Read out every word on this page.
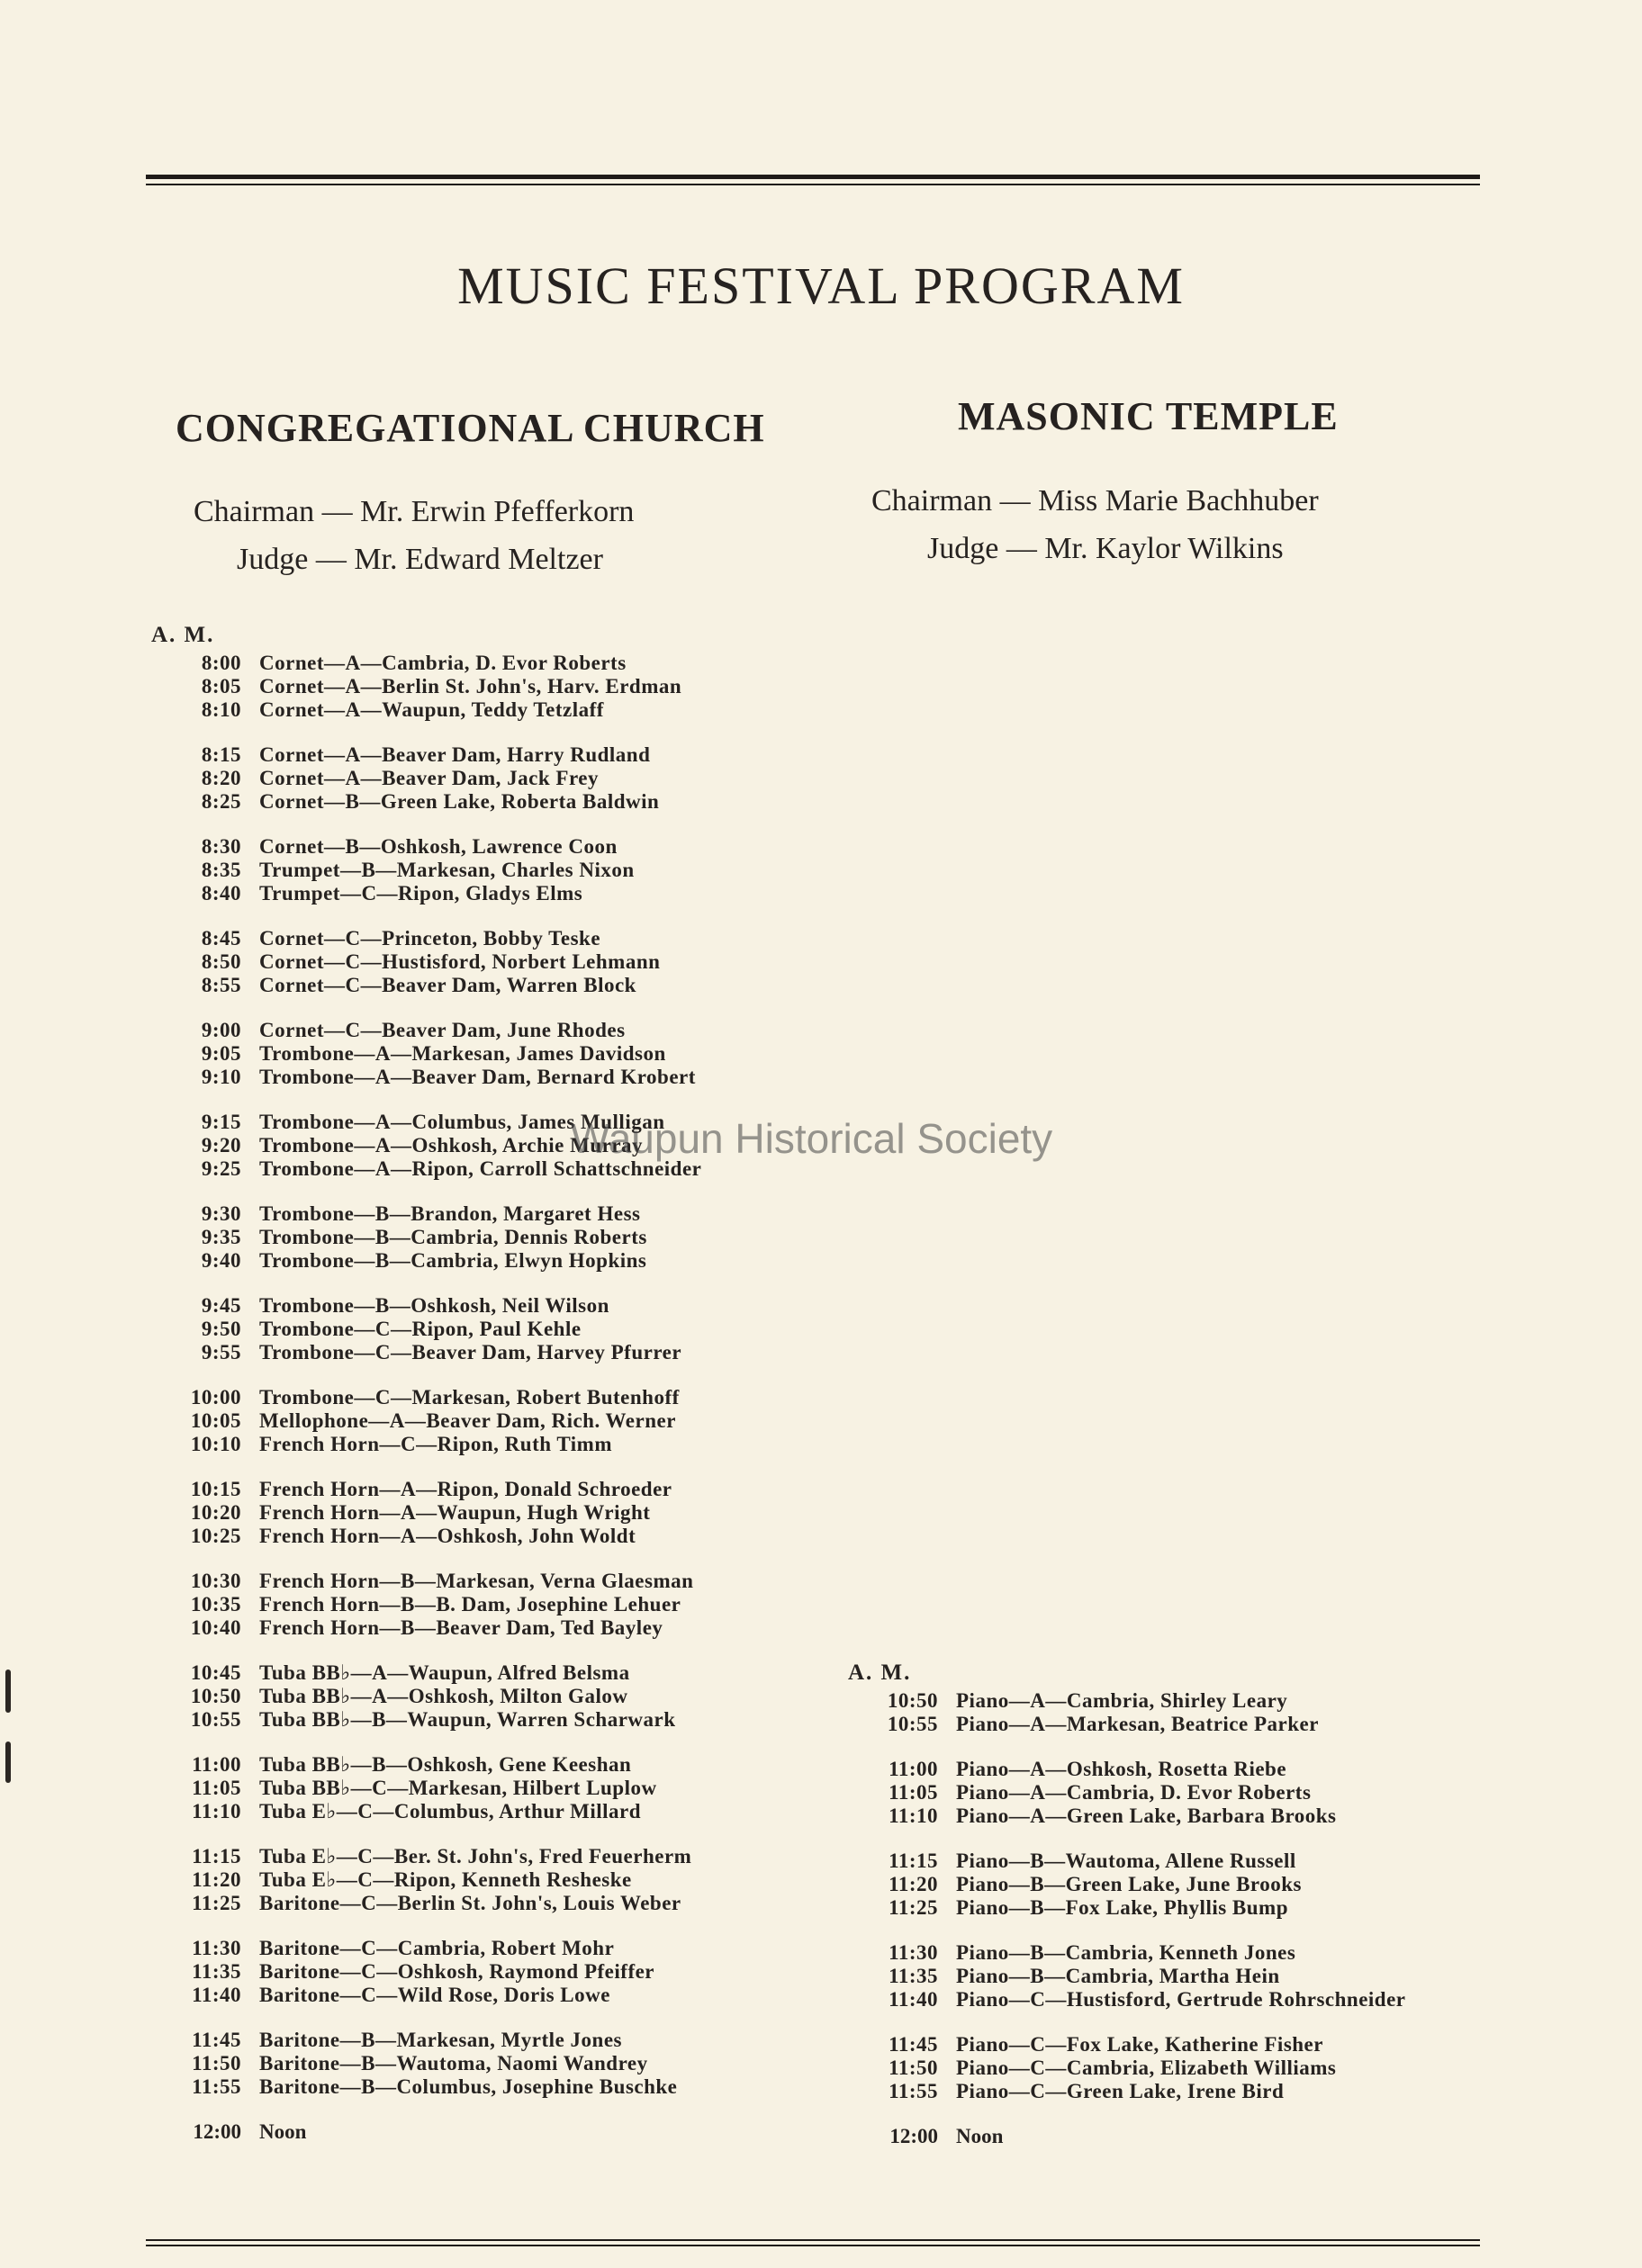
MUSIC FESTIVAL PROGRAM
CONGREGATIONAL CHURCH	MASONIC TEMPLE
Chairman — Mr. Erwin Pfefferkorn
Judge — Mr. Edward Meltzer
Chairman — Miss Marie Bachhuber
Judge — Mr. Kaylor Wilkins
A. M.
8:00 Cornet—A—Cambria, D. Evor Roberts
8:05 Cornet—A—Berlin St. John's, Harv. Erdman
8:10 Cornet—A—Waupun, Teddy Tetzlaff
8:15 Cornet—A—Beaver Dam, Harry Rudland
8:20 Cornet—A—Beaver Dam, Jack Frey
8:25 Cornet—B—Green Lake, Roberta Baldwin
8:30 Cornet—B—Oshkosh, Lawrence Coon
8:35 Trumpet—B—Markesan, Charles Nixon
8:40 Trumpet—C—Ripon, Gladys Elms
8:45 Cornet—C—Princeton, Bobby Teske
8:50 Cornet—C—Hustisford, Norbert Lehmann
8:55 Cornet—C—Beaver Dam, Warren Block
9:00 Cornet—C—Beaver Dam, June Rhodes
9:05 Trombone—A—Markesan, James Davidson
9:10 Trombone—A—Beaver Dam, Bernard Krobert
9:15 Trombone—A—Columbus, James Mulligan
9:20 Trombone—A—Oshkosh, Archie Murray
9:25 Trombone—A—Ripon, Carroll Schattschneider
9:30 Trombone—B—Brandon, Margaret Hess
9:35 Trombone—B—Cambria, Dennis Roberts
9:40 Trombone—B—Cambria, Elwyn Hopkins
9:45 Trombone—B—Oshkosh, Neil Wilson
9:50 Trombone—C—Ripon, Paul Kehle
9:55 Trombone—C—Beaver Dam, Harvey Pfurrer
10:00 Trombone—C—Markesan, Robert Butenhoff
10:05 Mellophone—A—Beaver Dam, Rich. Werner
10:10 French Horn—C—Ripon, Ruth Timm
10:15 French Horn—A—Ripon, Donald Schroeder
10:20 French Horn—A—Waupun, Hugh Wright
10:25 French Horn—A—Oshkosh, John Woldt
10:30 French Horn—B—Markesan, Verna Glaesman
10:35 French Horn—B—B. Dam, Josephine Lehuer
10:40 French Horn—B—Beaver Dam, Ted Bayley
10:45 Tuba BB♭—A—Waupun, Alfred Belsma
10:50 Tuba BB♭—A—Oshkosh, Milton Galow
10:55 Tuba BB♭—B—Waupun, Warren Scharwark
11:00 Tuba BB♭—B—Oshkosh, Gene Keeshan
11:05 Tuba BB♭—C—Markesan, Hilbert Luplow
11:10 Tuba E♭—C—Columbus, Arthur Millard
11:15 Tuba E♭—C—Ber. St. John's, Fred Feuerherm
11:20 Tuba E♭—C—Ripon, Kenneth Resheske
11:25 Baritone—C—Berlin St. John's, Louis Weber
11:30 Baritone—C—Cambria, Robert Mohr
11:35 Baritone—C—Oshkosh, Raymond Pfeiffer
11:40 Baritone—C—Wild Rose, Doris Lowe
11:45 Baritone—B—Markesan, Myrtle Jones
11:50 Baritone—B—Wautoma, Naomi Wandrey
11:55 Baritone—B—Columbus, Josephine Buschke
12:00 Noon
A. M.
10:50 Piano—A—Cambria, Shirley Leary
10:55 Piano—A—Markesan, Beatrice Parker
11:00 Piano—A—Oshkosh, Rosetta Riebe
11:05 Piano—A—Cambria, D. Evor Roberts
11:10 Piano—A—Green Lake, Barbara Brooks
11:15 Piano—B—Wautoma, Allene Russell
11:20 Piano—B—Green Lake, June Brooks
11:25 Piano—B—Fox Lake, Phyllis Bump
11:30 Piano—B—Cambria, Kenneth Jones
11:35 Piano—B—Cambria, Martha Hein
11:40 Piano—C—Hustisford, Gertrude Rohrschneider
11:45 Piano—C—Fox Lake, Katherine Fisher
11:50 Piano—C—Cambria, Elizabeth Williams
11:55 Piano—C—Green Lake, Irene Bird
12:00 Noon
Waupun Historical Society
